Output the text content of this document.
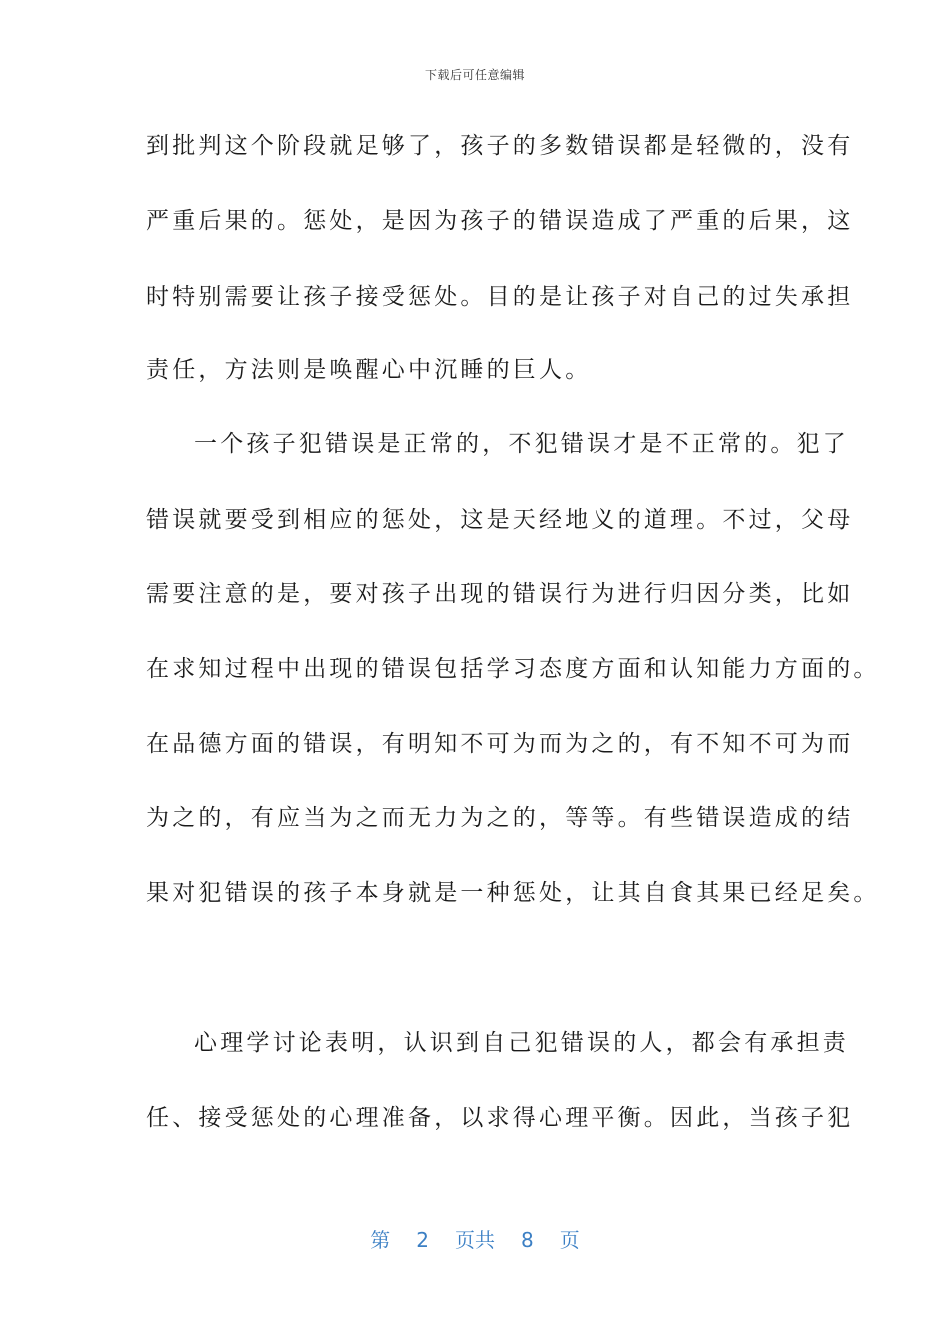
下载后可任意编辑
到批判这个阶段就足够了，孩子的多数错误都是轻微的，没有
严重后果的。惩处，是因为孩子的错误造成了严重的后果，这
时特别需要让孩子接受惩处。目的是让孩子对自己的过失承担
责任，方法则是唤醒心中沉睡的巨人。
一个孩子犯错误是正常的，不犯错误才是不正常的。犯了
错误就要受到相应的惩处，这是天经地义的道理。不过，父母
需要注意的是，要对孩子出现的错误行为进行归因分类，比如
在求知过程中出现的错误包括学习态度方面和认知能力方面的。
在品德方面的错误，有明知不可为而为之的，有不知不可为而
为之的，有应当为之而无力为之的，等等。有些错误造成的结
果对犯错误的孩子本身就是一种惩处，让其自食其果已经足矣。
心理学讨论表明，认识到自己犯错误的人，都会有承担责
任、接受惩处的心理准备，以求得心理平衡。因此，当孩子犯
第 2 页共 8 页
